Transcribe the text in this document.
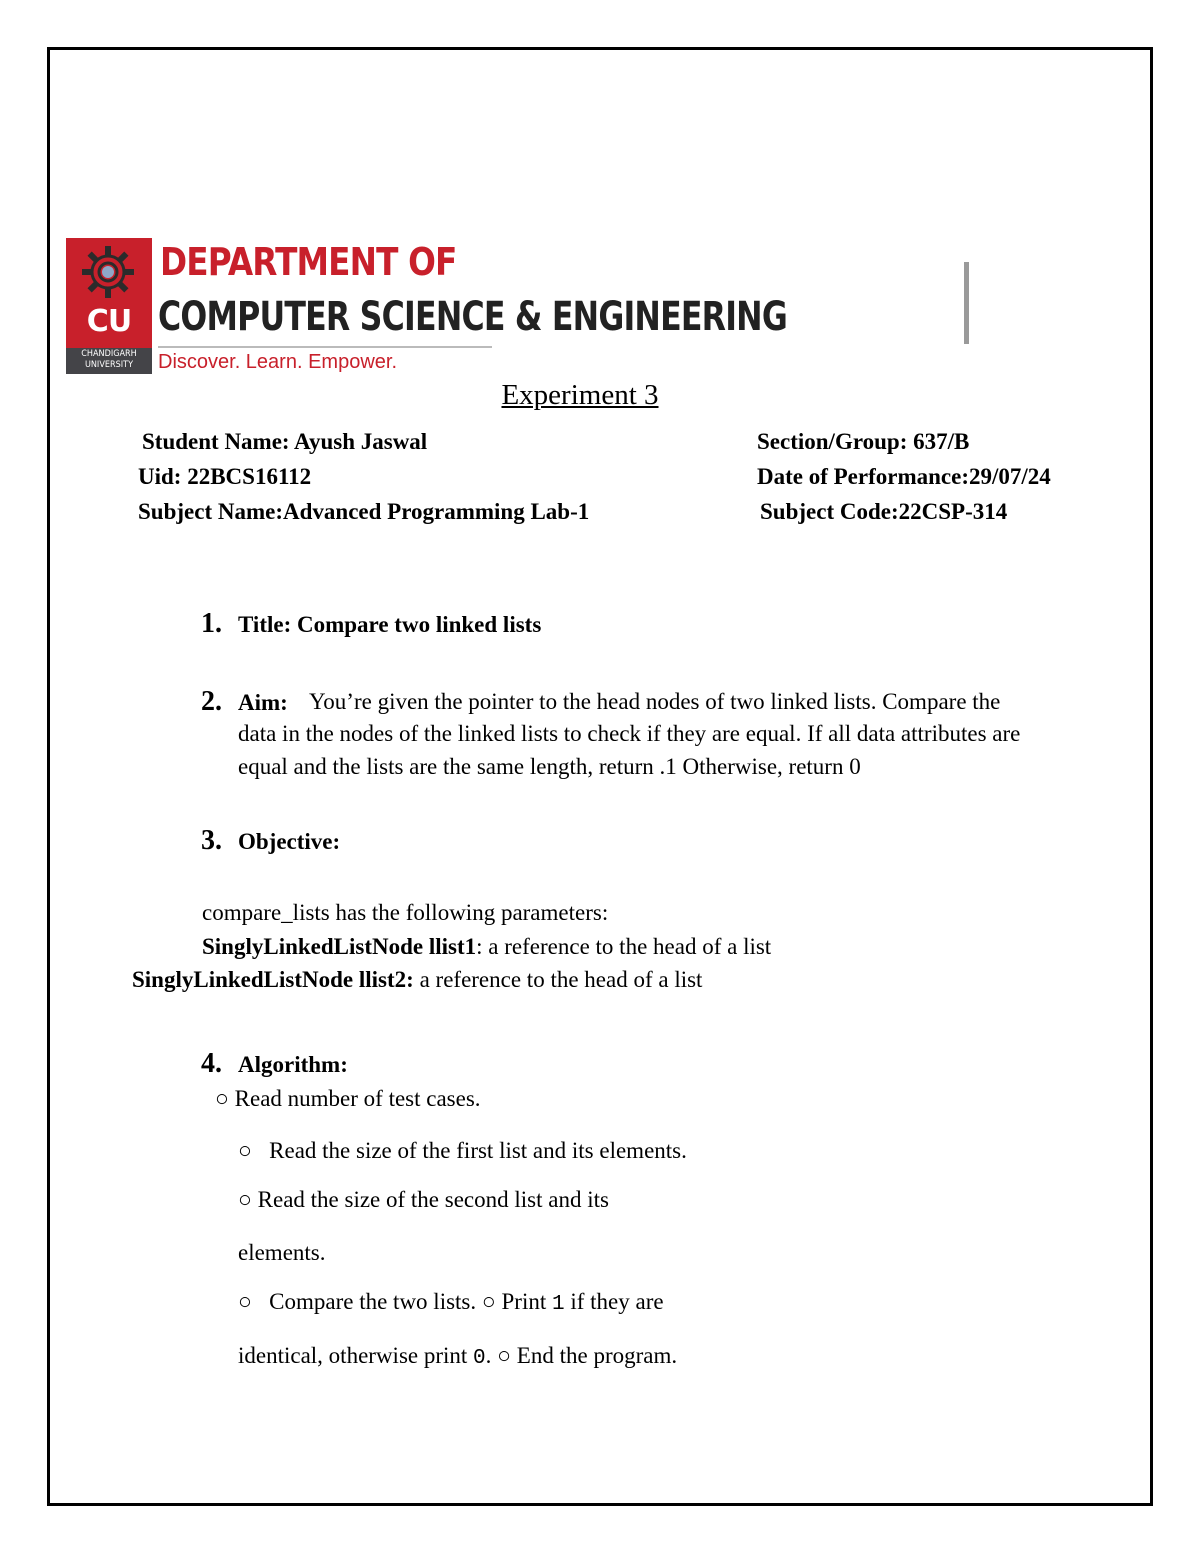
CU
CHANDIGARH
UNIVERSITY
DEPARTMENT OF
COMPUTER SCIENCE & ENGINEERING
Discover. Learn. Empower.
Experiment 3
Student Name: Ayush Jaswal	Section/Group: 637/B
Uid: 22BCS16112	Date of Performance:29/07/24
Subject Name:Advanced Programming Lab-1	Subject Code:22CSP-314
1. Title: Compare two linked lists
2. Aim: You’re given the pointer to the head nodes of two linked lists. Compare the
data in the nodes of the linked lists to check if they are equal. If all data attributes are
equal and the lists are the same length, return .1 Otherwise, return 0
3. Objective:
compare_lists has the following parameters:
SinglyLinkedListNode llist1: a reference to the head of a list
SinglyLinkedListNode llist2: a reference to the head of a list
4. Algorithm:
○ Read number of test cases.
○   Read the size of the first list and its elements.
○ Read the size of the second list and its
elements.
○   Compare the two lists. ○ Print 1 if they are
identical, otherwise print 0. ○ End the program.
